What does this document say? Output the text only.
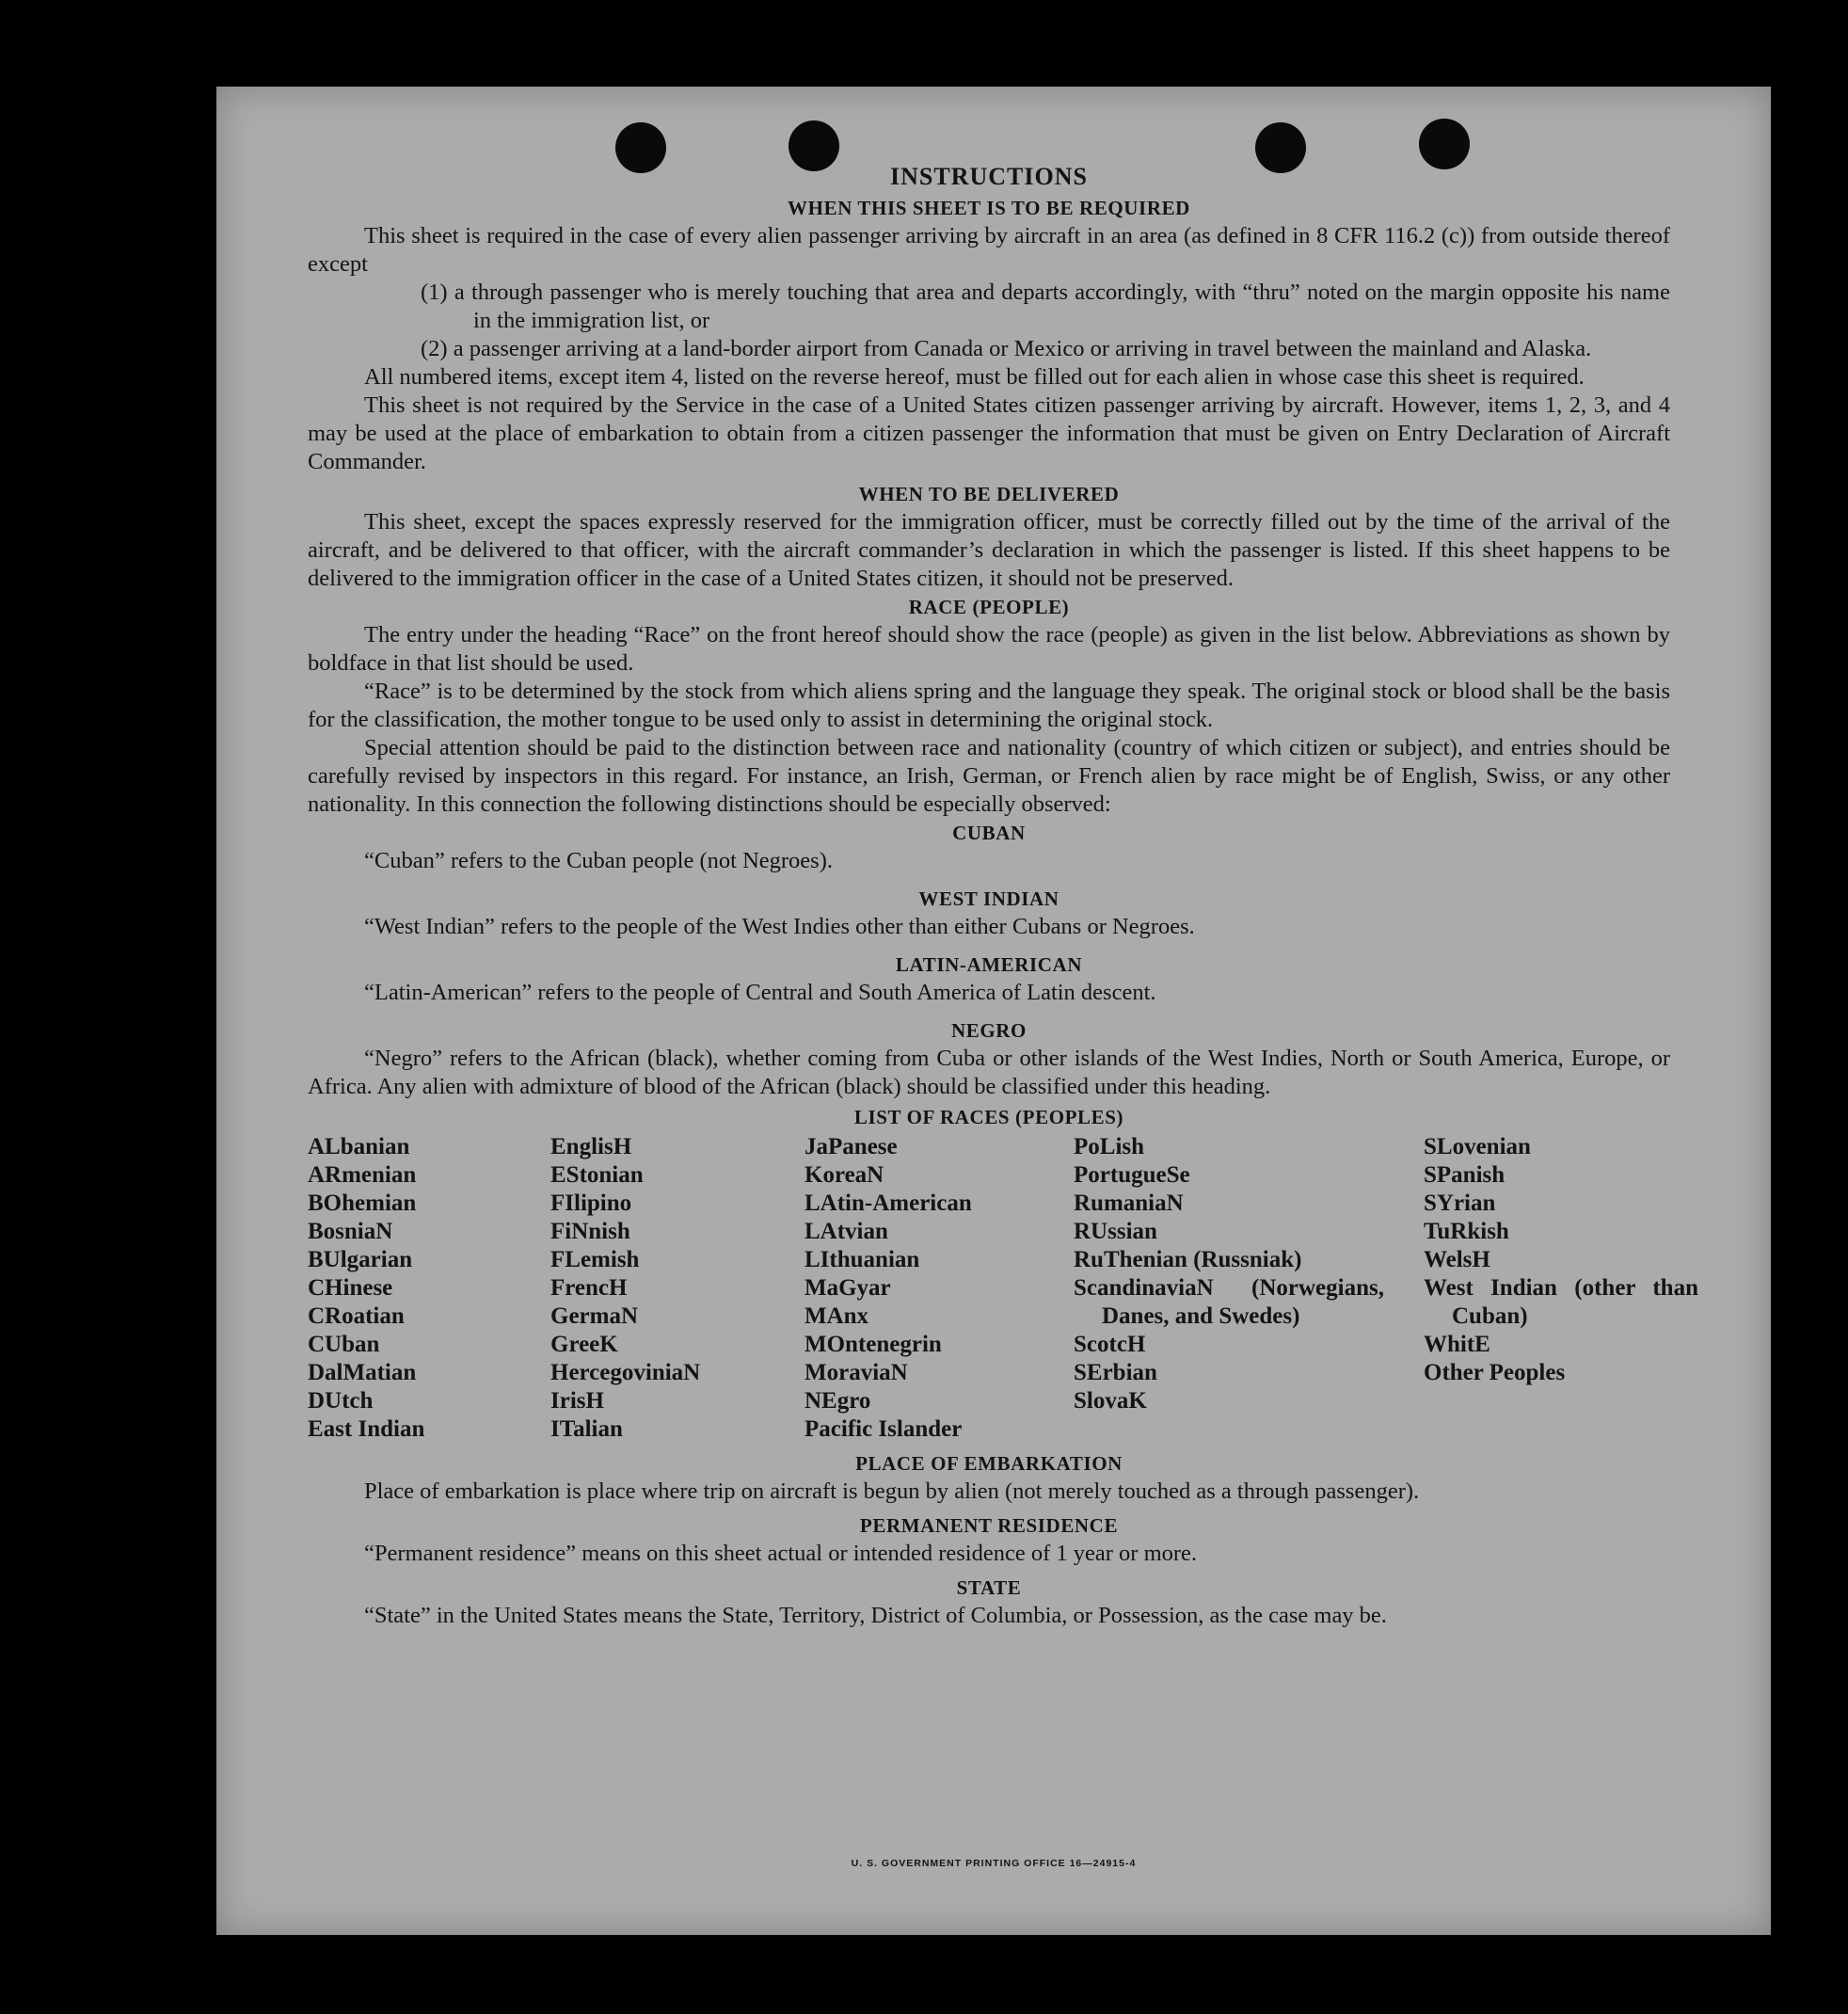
INSTRUCTIONS
WHEN THIS SHEET IS TO BE REQUIRED

This sheet is required in the case of every alien passenger arriving by aircraft in an area (as defined in 8 CFR 116.2 (c)) from outside thereof except

(1) a through passenger who is merely touching that area and departs accordingly, with “thru” noted on the margin opposite his name in the immigration list, or

(2) a passenger arriving at a land-border airport from Canada or Mexico or arriving in travel between the mainland and Alaska.

All numbered items, except item 4, listed on the reverse hereof, must be filled out for each alien in whose case this sheet is required.

This sheet is not required by the Service in the case of a United States citizen passenger arriving by aircraft. However, items 1, 2, 3, and 4 may be used at the place of embarkation to obtain from a citizen passenger the information that must be given on Entry Declaration of Aircraft Commander.

WHEN TO BE DELIVERED

This sheet, except the spaces expressly reserved for the immigration officer, must be correctly filled out by the time of the arrival of the aircraft, and be delivered to that officer, with the aircraft commander’s declaration in which the passenger is listed. If this sheet happens to be delivered to the immigration officer in the case of a United States citizen, it should not be preserved.

RACE (PEOPLE)

The entry under the heading “Race” on the front hereof should show the race (people) as given in the list below. Abbreviations as shown by boldface in that list should be used.

“Race” is to be determined by the stock from which aliens spring and the language they speak. The original stock or blood shall be the basis for the classification, the mother tongue to be used only to assist in determining the original stock.

Special attention should be paid to the distinction between race and nationality (country of which citizen or subject), and entries should be carefully revised by inspectors in this regard. For instance, an Irish, German, or French alien by race might be of English, Swiss, or any other nationality. In this connection the following distinctions should be especially observed:

CUBAN

“Cuban” refers to the Cuban people (not Negroes).

WEST INDIAN

“West Indian” refers to the people of the West Indies other than either Cubans or Negroes.

LATIN-AMERICAN

“Latin-American” refers to the people of Central and South America of Latin descent.

NEGRO

“Negro” refers to the African (black), whether coming from Cuba or other islands of the West Indies, North or South America, Europe, or Africa. Any alien with admixture of blood of the African (black) should be classified under this heading.

LIST OF RACES (PEOPLES)
ALbanian
ARmenian
BOhemian
BosniaN
BUlgarian
CHinese
CRoatian
CUban
DalMatian
DUtch
East Indian
EnglisH
EStonian
FIlipino
FiNnish
FLemish
FrencH
GermaN
GreeK
HercegoviniaN
IrisH
ITalian
JaPanese
KoreaN
LAtin-American
LAtvian
LIthuanian
MaGyar
MAnx
MOntenegrin
MoraviaN
NEgro
Pacific Islander
PoLish
PortugueSe
RumaniaN
RUssian
RuThenian (Russniak)
ScandinaviaN (Norwegians, Danes, and Swedes)
ScotcH
SErbian
SlovaK
SLovenian
SPanish
SYrian
TuRkish
WelsH
West Indian (other than Cuban)
WhitE
Other Peoples
PLACE OF EMBARKATION

Place of embarkation is place where trip on aircraft is begun by alien (not merely touched as a through passenger).

PERMANENT RESIDENCE

“Permanent residence” means on this sheet actual or intended residence of 1 year or more.

STATE

“State” in the United States means the State, Territory, District of Columbia, or Possession, as the case may be.

U. S. GOVERNMENT PRINTING OFFICE 16—24915-4
